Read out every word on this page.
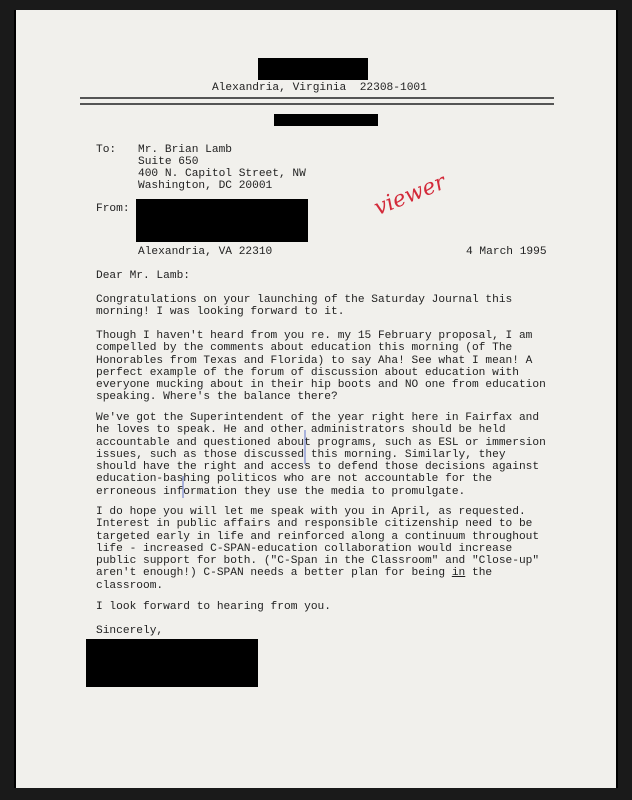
Alexandria, Virginia  22308-1001
To: Mr. Brian Lamb
Suite 650
400 N. Capitol Street, NW
Washington, DC 20001
From:
Alexandria, VA 22310	4 March 1995
viewer
Dear Mr. Lamb:
Congratulations on your launching of the Saturday Journal this
morning! I was looking forward to it.
Though I haven't heard from you re. my 15 February proposal, I am
compelled by the comments about education this morning (of The
Honorables from Texas and Florida) to say Aha! See what I mean! A
perfect example of the forum of discussion about education with
everyone mucking about in their hip boots and NO one from education
speaking. Where's the balance there?
We've got the Superintendent of the year right here in Fairfax and
he loves to speak. He and other administrators should be held
accountable and questioned about programs, such as ESL or immersion
issues, such as those discussed this morning. Similarly, they
should have the right and access to defend those decisions against
education-bashing politicos who are not accountable for the
erroneous information they use the media to promulgate.
I do hope you will let me speak with you in April, as requested.
Interest in public affairs and responsible citizenship need to be
targeted early in life and reinforced along a continuum throughout
life - increased C-SPAN-education collaboration would increase
public support for both. ("C-Span in the Classroom" and "Close-up"
aren't enough!) C-SPAN needs a better plan for being in the
classroom.
I look forward to hearing from you.
Sincerely,
